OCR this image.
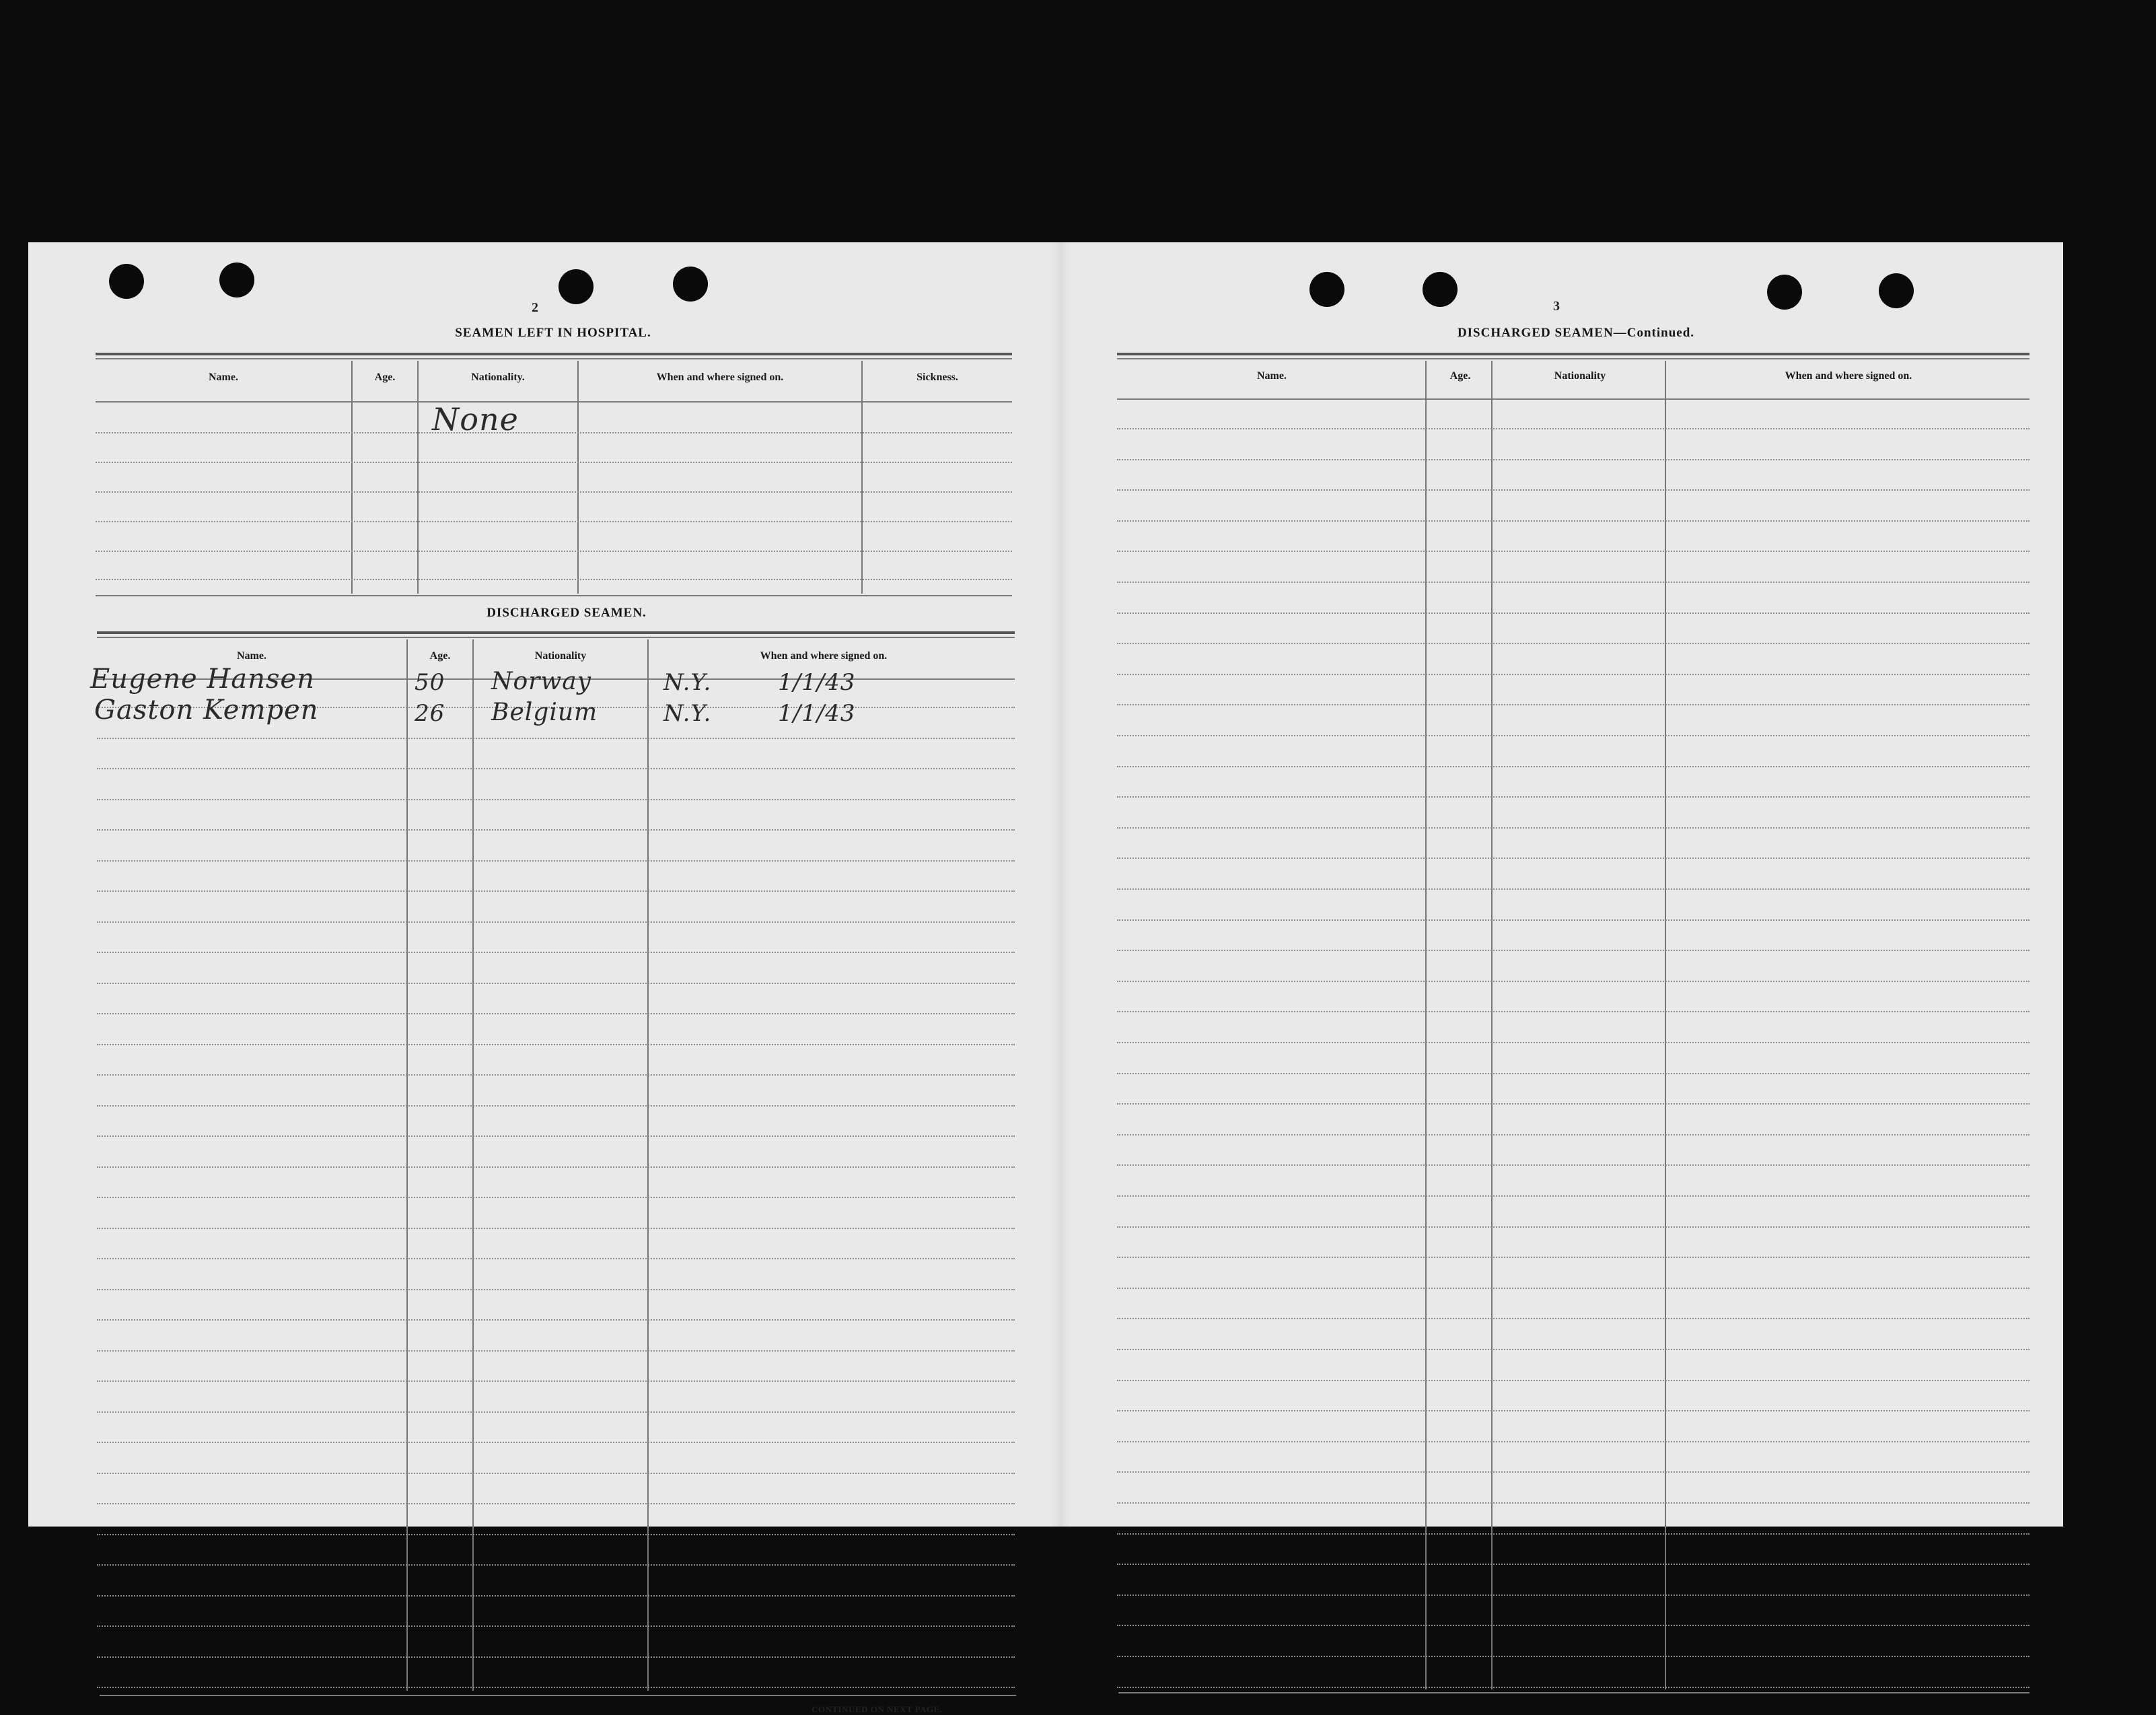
2
SEAMEN LEFT IN HOSPITAL.
Name.	Age.	Nationality.	When and where signed on.	Sickness.
None
DISCHARGED SEAMEN.
Name.	Age.	Nationality	When and where signed on.
Eugene Hansen	50 Norway	N.Y.	1/1/43
Gaston Kempen	26 Belgium	N.Y.	1/1/43
CONTINUED ON NEXT PAGE.
3
DISCHARGED SEAMEN—Continued.
Name.	Age.	Nationality	When and where signed on.
